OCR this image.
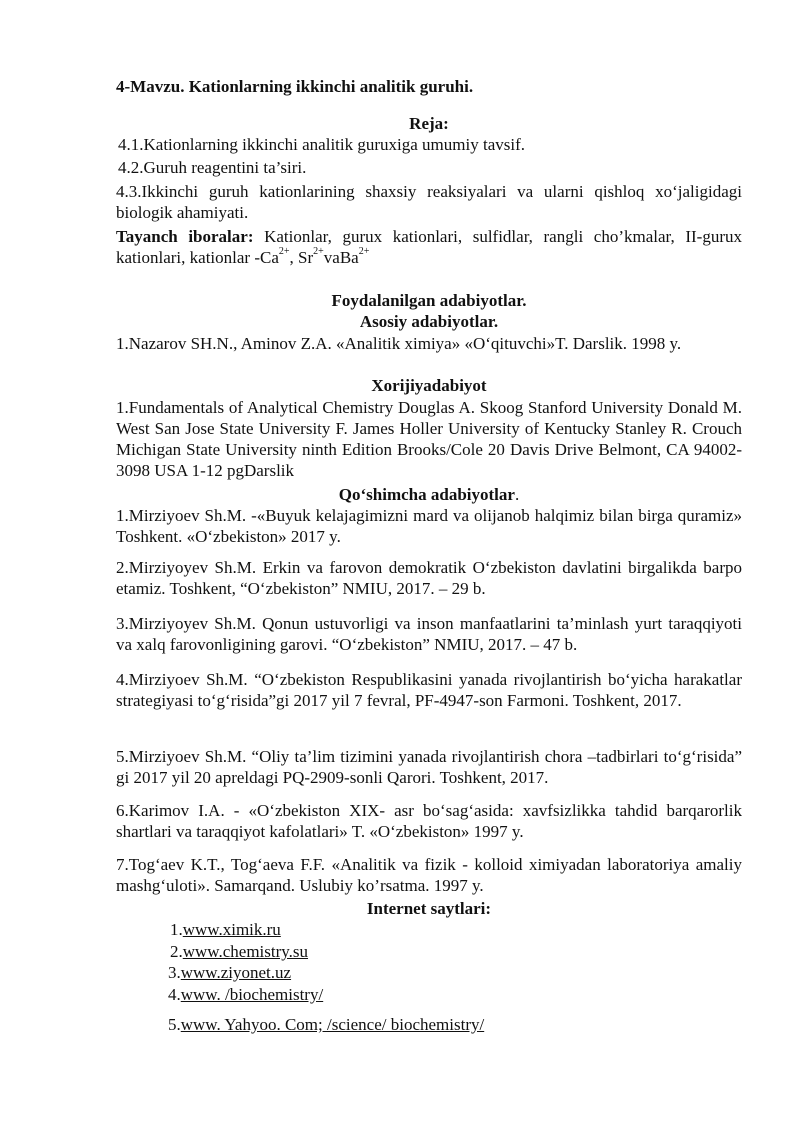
4-Mavzu. Kationlarning ikkinchi analitik guruhi.
Reja:
4.1.Kationlarning ikkinchi analitik guruxiga umumiy tavsif.
4.2.Guruh reagentini ta’siri.
4.3.Ikkinchi guruh kationlarining shaxsiy reaksiyalari va ularni qishloq xo‘jaligidagi biologik ahamiyati.
Tayanch iboralar: Kationlar, gurux kationlari, sulfidlar, rangli cho’kmalar, II-gurux kationlari, kationlar $-Ca^{2+}$, $Sr^{2+}vaBa^{2+}$
Foydalanilgan adabiyotlar.
Asosiy adabiyotlar.
1.Nazarov SH.N., Aminov Z.A. «Analitik ximiya» «O‘qituvchi»T. Darslik. 1998 y.
Xorijiyadabiyot
1.Fundamentals of Analytical Chemistry Douglas A. Skoog Stanford University Donald M. West San Jose State University F. James Holler University of Kentucky Stanley R. Crouch Michigan State University ninth Edition Brooks/Cole 20 Davis Drive Belmont, CA 94002-3098 USA 1-12 pgDarslik
Qo‘shimcha adabiyotlar.
1.Mirziyoev Sh.M. -«Buyuk kelajagimizni mard va olijanob halqimiz bilan birga quramiz» Toshkent. «O‘zbekiston» 2017 y.
2.Mirziyoyev Sh.M. Erkin va farovon demokratik O‘zbekiston davlatini birgalikda barpo etamiz. Toshkent, “O‘zbekiston” NMIU, 2017. – 29 b.
3.Mirziyoyev Sh.M. Qonun ustuvorligi va inson manfaatlarini ta’minlash yurt taraqqiyoti va xalq farovonligining garovi. “O‘zbekiston” NMIU, 2017. – 47 b.
4.Mirziyoev Sh.M. “O‘zbekiston Respublikasini yanada rivojlantirish bo‘yicha harakatlar strategiyasi to‘g‘risida”gi 2017 yil 7 fevral, PF-4947-son Farmoni. Toshkent, 2017.
5.Mirziyoev Sh.M. “Oliy ta’lim tizimini yanada rivojlantirish chora –tadbirlari to‘g‘risida” gi 2017 yil 20 apreldagi PQ-2909-sonli Qarori. Toshkent, 2017.
6.Karimov I.A. - «O‘zbekiston XIX- asr bo‘sag‘asida: xavfsizlikka tahdid barqarorlik shartlari va taraqqiyot kafolatlari» T. «O‘zbekiston» 1997 y.
7.Tog‘aev K.T., Tog‘aeva F.F. «Analitik va fizik - kolloid ximiyadan laboratoriya amaliy mashg‘uloti». Samarqand. Uslubiy ko’rsatma. 1997 y.
Internet saytlari:
1.www.ximik.ru
2.www.chemistry.su
3.www.ziyonet.uz
4.www. /biochemistry/
5.www. Yahyoo. Com; /science/ biochemistry/
